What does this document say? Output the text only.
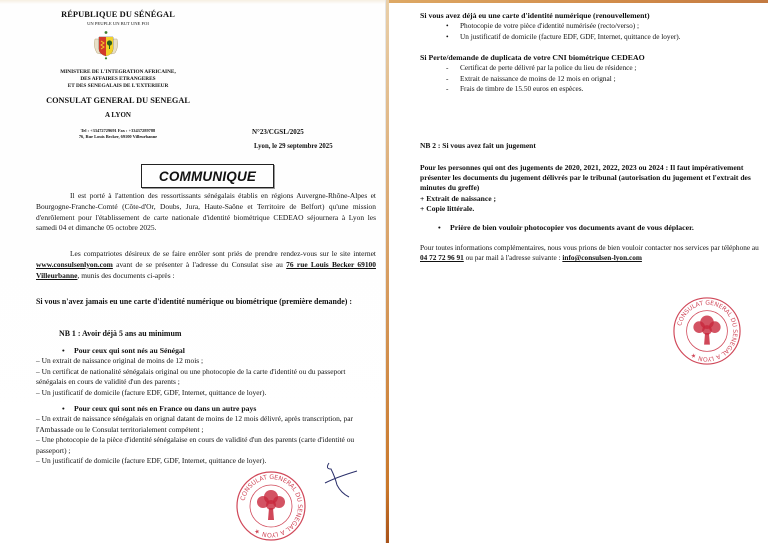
RÉPUBLIQUE DU SÉNÉGAL
UN PEUPLE UN BUT UNE FOI
MINISTERE DE L'INTEGRATION AFRICAINE,
DES AFFAIRES ETRANGERES
ET DES SENEGALAIS DE L'EXTERIEUR
CONSULAT GENERAL DU SENEGAL
A LYON
Tel : +33472729691 Fax : +33437289788
76, Rue Louis Becker, 69100 Villeurbanne
N°23/CGSL/2025
Lyon, le 29 septembre 2025
COMMUNIQUE

Il est porté à l'attention des ressortissants sénégalais établis en régions Auvergne-Rhône-Alpes et Bourgogne-Franche-Comté (Côte-d'Or, Doubs, Jura, Haute-Saône et Territoire de Belfort) qu'une mission d'enrôlement pour l'établissement de carte nationale d'identité biométrique CEDEAO séjournera à Lyon les samedi 04 et dimanche 05 octobre 2025.

Les compatriotes désireux de se faire enrôler sont priés de prendre rendez-vous sur le site internet www.consulsenlyon.com avant de se présenter à l'adresse du Consulat sise au 76 rue Louis Becker 69100 Villeurbanne, munis des documents ci-après :

Si vous n'avez jamais eu une carte d'identité numérique ou biométrique (première demande) :
NB 1 : Avoir déjà 5 ans au minimum
• Pour ceux qui sont nés au Sénégal
– Un extrait de naissance original de moins de 12 mois ;
– Un certificat de nationalité sénégalais original ou une photocopie de la carte d'identité ou du passeport sénégalais en cours de validité d'un des parents ;
– Un justificatif de domicile (facture EDF, GDF, Internet, quittance de loyer).
• Pour ceux qui sont nés en France ou dans un autre pays
– Un extrait de naissance sénégalais en orignal datant de moins de 12 mois délivré, après transcription, par l'Ambassade ou le Consulat territorialement compétent ;
– Une photocopie de la pièce d'identité sénégalaise en cours de validité d'un des parents (carte d'identité ou passeport) ;
– Un justificatif de domicile (facture EDF, GDF, Internet, quittance de loyer).
CONSULAT GENERAL DU SENEGAL A LYON ★
Si vous avez déjà eu une carte d'identité numérique (renouvellement)
• Photocopie de votre pièce d'identité numérisée (recto/verso) ;
• Un justificatif de domicile (facture EDF, GDF, Internet, quittance de loyer).
Si Perte/demande de duplicata de votre CNI biométrique CEDEAO
- Certificat de perte délivré par la police du lieu de résidence ;
- Extrait de naissance de moins de 12 mois en orignal ;
- Frais de timbre de 15.50 euros en espèces.
NB 2 : Si vous avez fait un jugement
Pour les personnes qui ont des jugements de 2020, 2021, 2022, 2023 ou 2024 : Il faut impérativement présenter les documents du jugement délivrés par le tribunal (autorisation du jugement et l'extrait des minutes du greffe)
+ Extrait de naissance ;
+ Copie littérale.
• Prière de bien vouloir photocopier vos documents avant de vous déplacer.

Pour toutes informations complémentaires, nous vous prions de bien vouloir contacter nos services par téléphone au 04 72 72 96 91 ou par mail à l'adresse suivante : info@consulsen-lyon.com

CONSULAT GENERAL DU SENEGAL A LYON ★
